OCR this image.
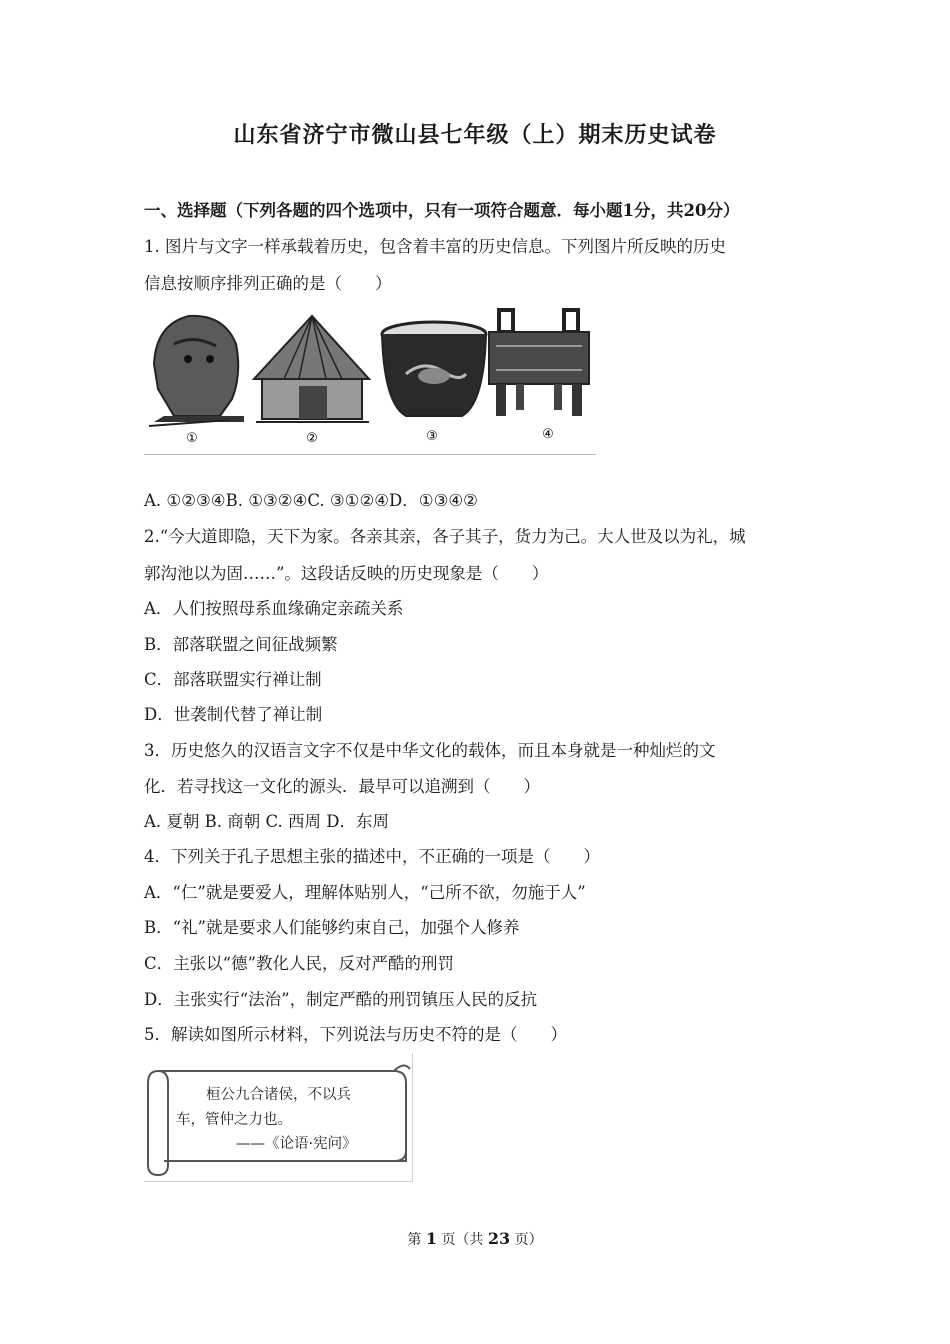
山东省济宁市微山县七年级（上）期末历史试卷
一、选择题（下列各题的四个选项中，只有一项符合题意．每小题1分，共20分）
1. 图片与文字一样承载着历史，包含着丰富的历史信息。下列图片所反映的历史
信息按顺序排列正确的是（　　）
①	②	③	④
A. ①②③④B. ①③②④C. ③①②④D．①③④②
2.“今大道即隐，天下为家。各亲其亲，各子其子，货力为己。大人世及以为礼，城
郭沟池以为固……”。这段话反映的历史现象是（　　）
A．人们按照母系血缘确定亲疏关系
B．部落联盟之间征战频繁
C．部落联盟实行禅让制
D．世袭制代替了禅让制
3．历史悠久的汉语言文字不仅是中华文化的载体，而且本身就是一种灿烂的文
化．若寻找这一文化的源头．最早可以追溯到（　　）
A. 夏朝 B. 商朝 C. 西周 D．东周
4．下列关于孔子思想主张的描述中，不正确的一项是（　　）
A．“仁”就是要爱人，理解体贴别人，“己所不欲，勿施于人”
B．“礼”就是要求人们能够约束自己，加强个人修养
C．主张以“德”教化人民，反对严酷的刑罚
D．主张实行“法治”，制定严酷的刑罚镇压人民的反抗
5．解读如图所示材料，下列说法与历史不符的是（　　）
桓公九合诸侯，不以兵
车，管仲之力也。
——《论语·宪问》
第 1 页（共 23 页）
